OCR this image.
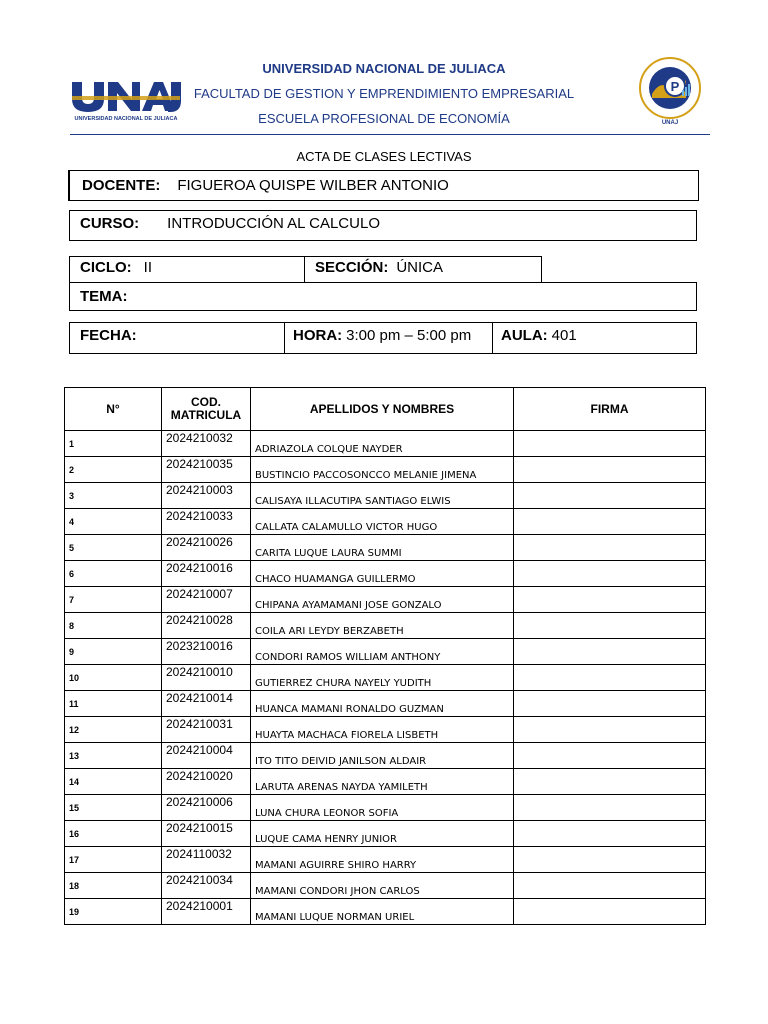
UNIVERSIDAD NACIONAL DE JULIACA
P
UNAJ
UNIVERSIDAD NACIONAL DE JULIACA
FACULTAD DE GESTION Y EMPRENDIMIENTO EMPRESARIAL
ESCUELA PROFESIONAL DE ECONOMÍA
ACTA DE CLASES LECTIVAS
DOCENTE: FIGUEROA QUISPE WILBER ANTONIO
CURSO: INTRODUCCIÓN AL CALCULO
CICLO: II	SECCIÓN: ÚNICA
TEMA:
FECHA:	HORA: 3:00 pm – 5:00 pm AULA: 401
N°	COD. MATRICULA	APELLIDOS Y NOMBRES	FIRMA
1	2024210032	ADRIAZOLA COLQUE NAYDER	
2	2024210035	BUSTINCIO PACCOSONCCO MELANIE JIMENA	
3	2024210003	CALISAYA ILLACUTIPA SANTIAGO ELWIS	
4	2024210033	CALLATA CALAMULLO VICTOR HUGO	
5	2024210026	CARITA LUQUE LAURA SUMMI	
6	2024210016	CHACO HUAMANGA GUILLERMO	
7	2024210007	CHIPANA AYAMAMANI JOSE GONZALO	
8	2024210028	COILA ARI LEYDY BERZABETH	
9	2023210016	CONDORI RAMOS WILLIAM ANTHONY	
10	2024210010	GUTIERREZ CHURA NAYELY YUDITH	
11	2024210014	HUANCA MAMANI RONALDO GUZMAN	
12	2024210031	HUAYTA MACHACA FIORELA LISBETH	
13	2024210004	ITO TITO DEIVID JANILSON ALDAIR	
14	2024210020	LARUTA ARENAS NAYDA YAMILETH	
15	2024210006	LUNA CHURA LEONOR SOFIA	
16	2024210015	LUQUE CAMA HENRY JUNIOR	
17	2024110032	MAMANI AGUIRRE SHIRO HARRY	
18	2024210034	MAMANI CONDORI JHON CARLOS	
19	2024210001	MAMANI LUQUE NORMAN URIEL	
